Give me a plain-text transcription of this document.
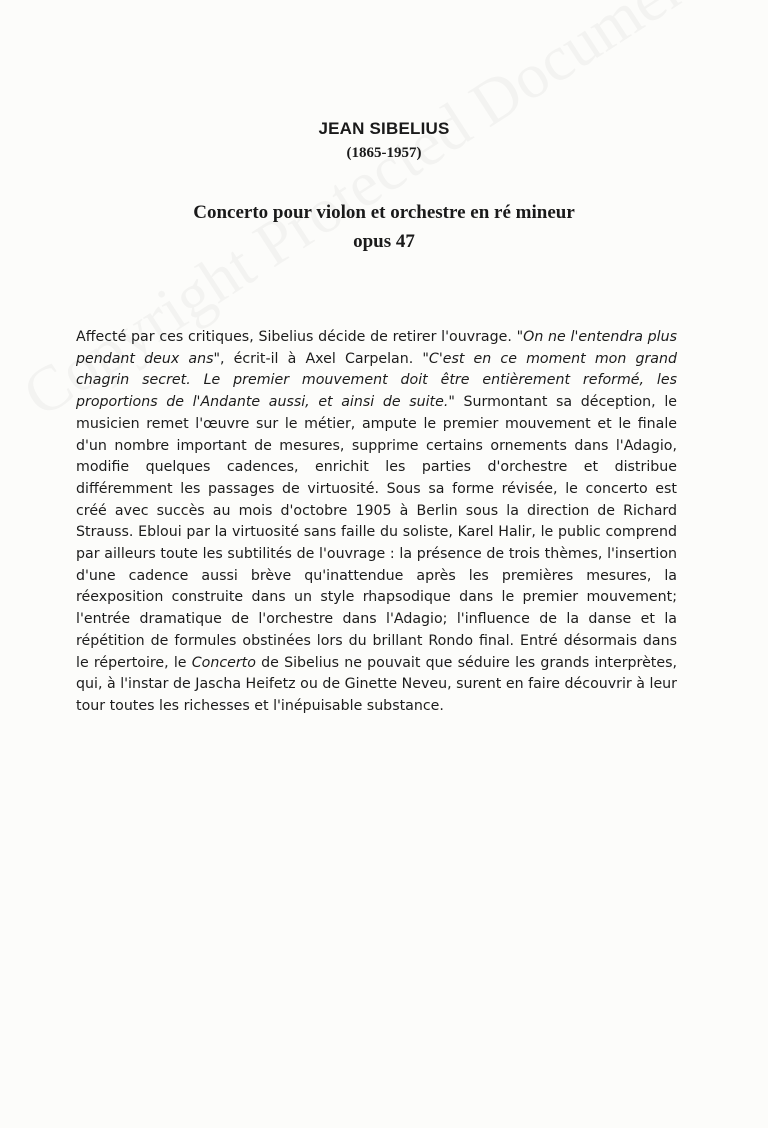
JEAN SIBELIUS
(1865-1957)
Concerto pour violon et orchestre en ré mineur
opus 47
Affecté par ces critiques, Sibelius décide de retirer l'ouvrage. "On ne l'entendra plus pendant deux ans", écrit-il à Axel Carpelan. "C'est en ce moment mon grand chagrin secret. Le premier mouvement doit être entièrement reformé, les proportions de l'Andante aussi, et ainsi de suite." Surmontant sa déception, le musicien remet l'œuvre sur le métier, ampute le premier mouvement et le finale d'un nombre important de mesures, supprime certains ornements dans l'Adagio, modifie quelques cadences, enrichit les parties d'orchestre et distribue différemment les passages de virtuosité. Sous sa forme révisée, le concerto est créé avec succès au mois d'octobre 1905 à Berlin sous la direction de Richard Strauss. Ebloui par la virtuosité sans faille du soliste, Karel Halir, le public comprend par ailleurs toute les subtilités de l'ouvrage : la présence de trois thèmes, l'insertion d'une cadence aussi brève qu'inattendue après les premières mesures, la réexposition construite dans un style rhapsodique dans le premier mouvement; l'entrée dramatique de l'orchestre dans l'Adagio; l'influence de la danse et la répétition de formules obstinées lors du brillant Rondo final. Entré désormais dans le répertoire, le Concerto de Sibelius ne pouvait que séduire les grands interprètes, qui, à l'instar de Jascha Heifetz ou de Ginette Neveu, surent en faire découvrir à leur tour toutes les richesses et l'inépuisable substance.
